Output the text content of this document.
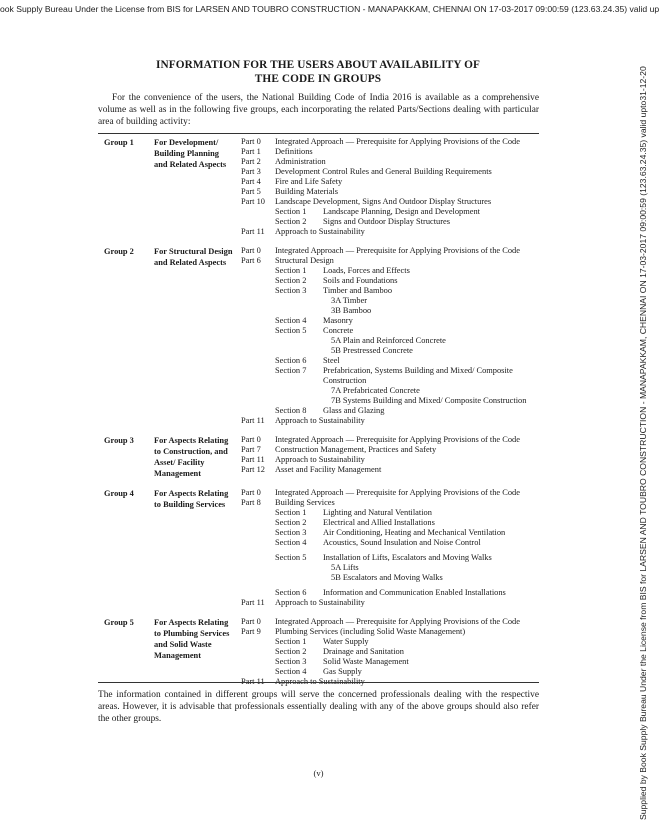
ook Supply Bureau Under the License from BIS for LARSEN AND TOUBRO CONSTRUCTION - MANAPAKKAM, CHENNAI ON 17-03-2017 09:00:59 (123.63.24.35) valid up
Supplied by Book Supply Bureau Under the License from BIS for LARSEN AND TOUBRO CONSTRUCTION - MANAPAKKAM, CHENNAI ON 17-03-2017 09:00:59 (123.63.24.35) valid upto31-12-20
INFORMATION FOR THE USERS ABOUT AVAILABILITY OF
THE CODE IN GROUPS
For the convenience of the users, the National Building Code of India 2016 is available as a comprehensive volume as well as in the following five groups, each incorporating the related Parts/Sections dealing with particular area of building activity:
Group 1 For Development/ Building Planning and Related Aspects
Part 0 Integrated Approach — Prerequisite for Applying Provisions of the Code
Part 1 Definitions
Part 2 Administration
Part 3 Development Control Rules and General Building Requirements
Part 4 Fire and Life Safety
Part 5 Building Materials
Part 10 Landscape Development, Signs And Outdoor Display Structures
Section 1 Landscape Planning, Design and Development
Section 2 Signs and Outdoor Display Structures
Part 11 Approach to Sustainability
Group 2 For Structural Design and Related Aspects
Part 0 Integrated Approach — Prerequisite for Applying Provisions of the Code
Part 6 Structural Design
Section 1 Loads, Forces and Effects
Section 2 Soils and Foundations
Section 3 Timber and Bamboo
3A Timber
3B Bamboo
Section 4 Masonry
Section 5 Concrete
5A Plain and Reinforced Concrete
5B Prestressed Concrete
Section 6 Steel
Section 7 Prefabrication, Systems Building and Mixed/ Composite
Construction
7A Prefabricated Concrete
7B Systems Building and Mixed/ Composite Construction
Section 8 Glass and Glazing
Part 11 Approach to Sustainability
Group 3 For Aspects Relating to Construction, and Asset/ Facility Management
Part 0 Integrated Approach — Prerequisite for Applying Provisions of the Code
Part 7 Construction Management, Practices and Safety
Part 11 Approach to Sustainability
Part 12 Asset and Facility Management
Group 4 For Aspects Relating to Building Services
Part 0 Integrated Approach — Prerequisite for Applying Provisions of the Code
Part 8 Building Services
Section 1 Lighting and Natural Ventilation
Section 2 Electrical and Allied Installations
Section 3 Air Conditioning, Heating and Mechanical Ventilation
Section 4 Acoustics, Sound Insulation and Noise Control
Section 5 Installation of Lifts, Escalators and Moving Walks
5A Lifts
5B Escalators and Moving Walks
Section 6 Information and Communication Enabled Installations
Part 11 Approach to Sustainability
Group 5 For Aspects Relating to Plumbing Services and Solid Waste Management
Part 0 Integrated Approach — Prerequisite for Applying Provisions of the Code
Part 9 Plumbing Services (including Solid Waste Management)
Section 1 Water Supply
Section 2 Drainage and Sanitation
Section 3 Solid Waste Management
Section 4 Gas Supply
Part 11 Approach to Sustainability
The information contained in different groups will serve the concerned professionals dealing with the respective areas. However, it is advisable that professionals essentially dealing with any of the above groups should also refer the other groups.
(v)
